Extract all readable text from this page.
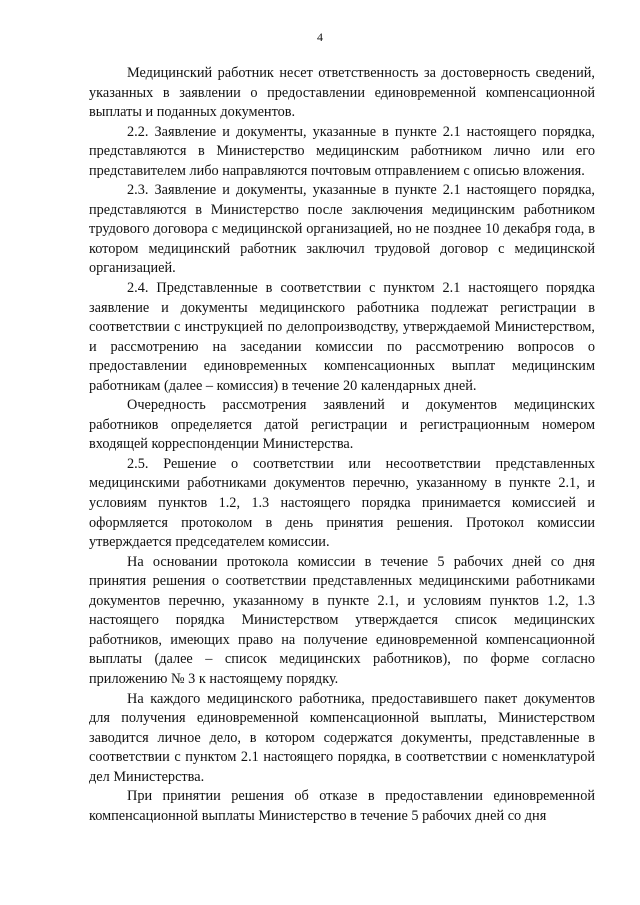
4

Медицинский работник несет ответственность за достоверность сведений, указанных в заявлении о предоставлении единовременной компенсационной выплаты и поданных документов.

2.2. Заявление и документы, указанные в пункте 2.1 настоящего порядка, представляются в Министерство медицинским работником лично или его представителем либо направляются почтовым отправлением с описью вложения.

2.3. Заявление и документы, указанные в пункте 2.1 настоящего порядка, представляются в Министерство после заключения медицинским работником трудового договора с медицинской организацией, но не позднее 10 декабря года, в котором медицинский работник заключил трудовой договор с медицинской организацией.

2.4. Представленные в соответствии с пунктом 2.1 настоящего порядка заявление и документы медицинского работника подлежат регистрации в соответствии с инструкцией по делопроизводству, утверждаемой Министерством, и рассмотрению на заседании комиссии по рассмотрению вопросов о предоставлении единовременных компенсационных выплат медицинским работникам (далее – комиссия) в течение 20 календарных дней.

Очередность рассмотрения заявлений и документов медицинских работников определяется датой регистрации и регистрационным номером входящей корреспонденции Министерства.

2.5. Решение о соответствии или несоответствии представленных медицинскими работниками документов перечню, указанному в пункте 2.1, и условиям пунктов 1.2, 1.3 настоящего порядка принимается комиссией и оформляется протоколом в день принятия решения. Протокол комиссии утверждается председателем комиссии.

На основании протокола комиссии в течение 5 рабочих дней со дня принятия решения о соответствии представленных медицинскими работниками документов перечню, указанному в пункте 2.1, и условиям пунктов 1.2, 1.3 настоящего порядка Министерством утверждается список медицинских работников, имеющих право на получение единовременной компенсационной выплаты (далее – список медицинских работников), по форме согласно приложению № 3 к настоящему порядку.

На каждого медицинского работника, предоставившего пакет документов для получения единовременной компенсационной выплаты, Министерством заводится личное дело, в котором содержатся документы, представленные в соответствии с пунктом 2.1 настоящего порядка, в соответствии с номенклатурой дел Министерства.

При принятии решения об отказе в предоставлении единовременной компенсационной выплаты Министерство в течение 5 рабочих дней со дня
